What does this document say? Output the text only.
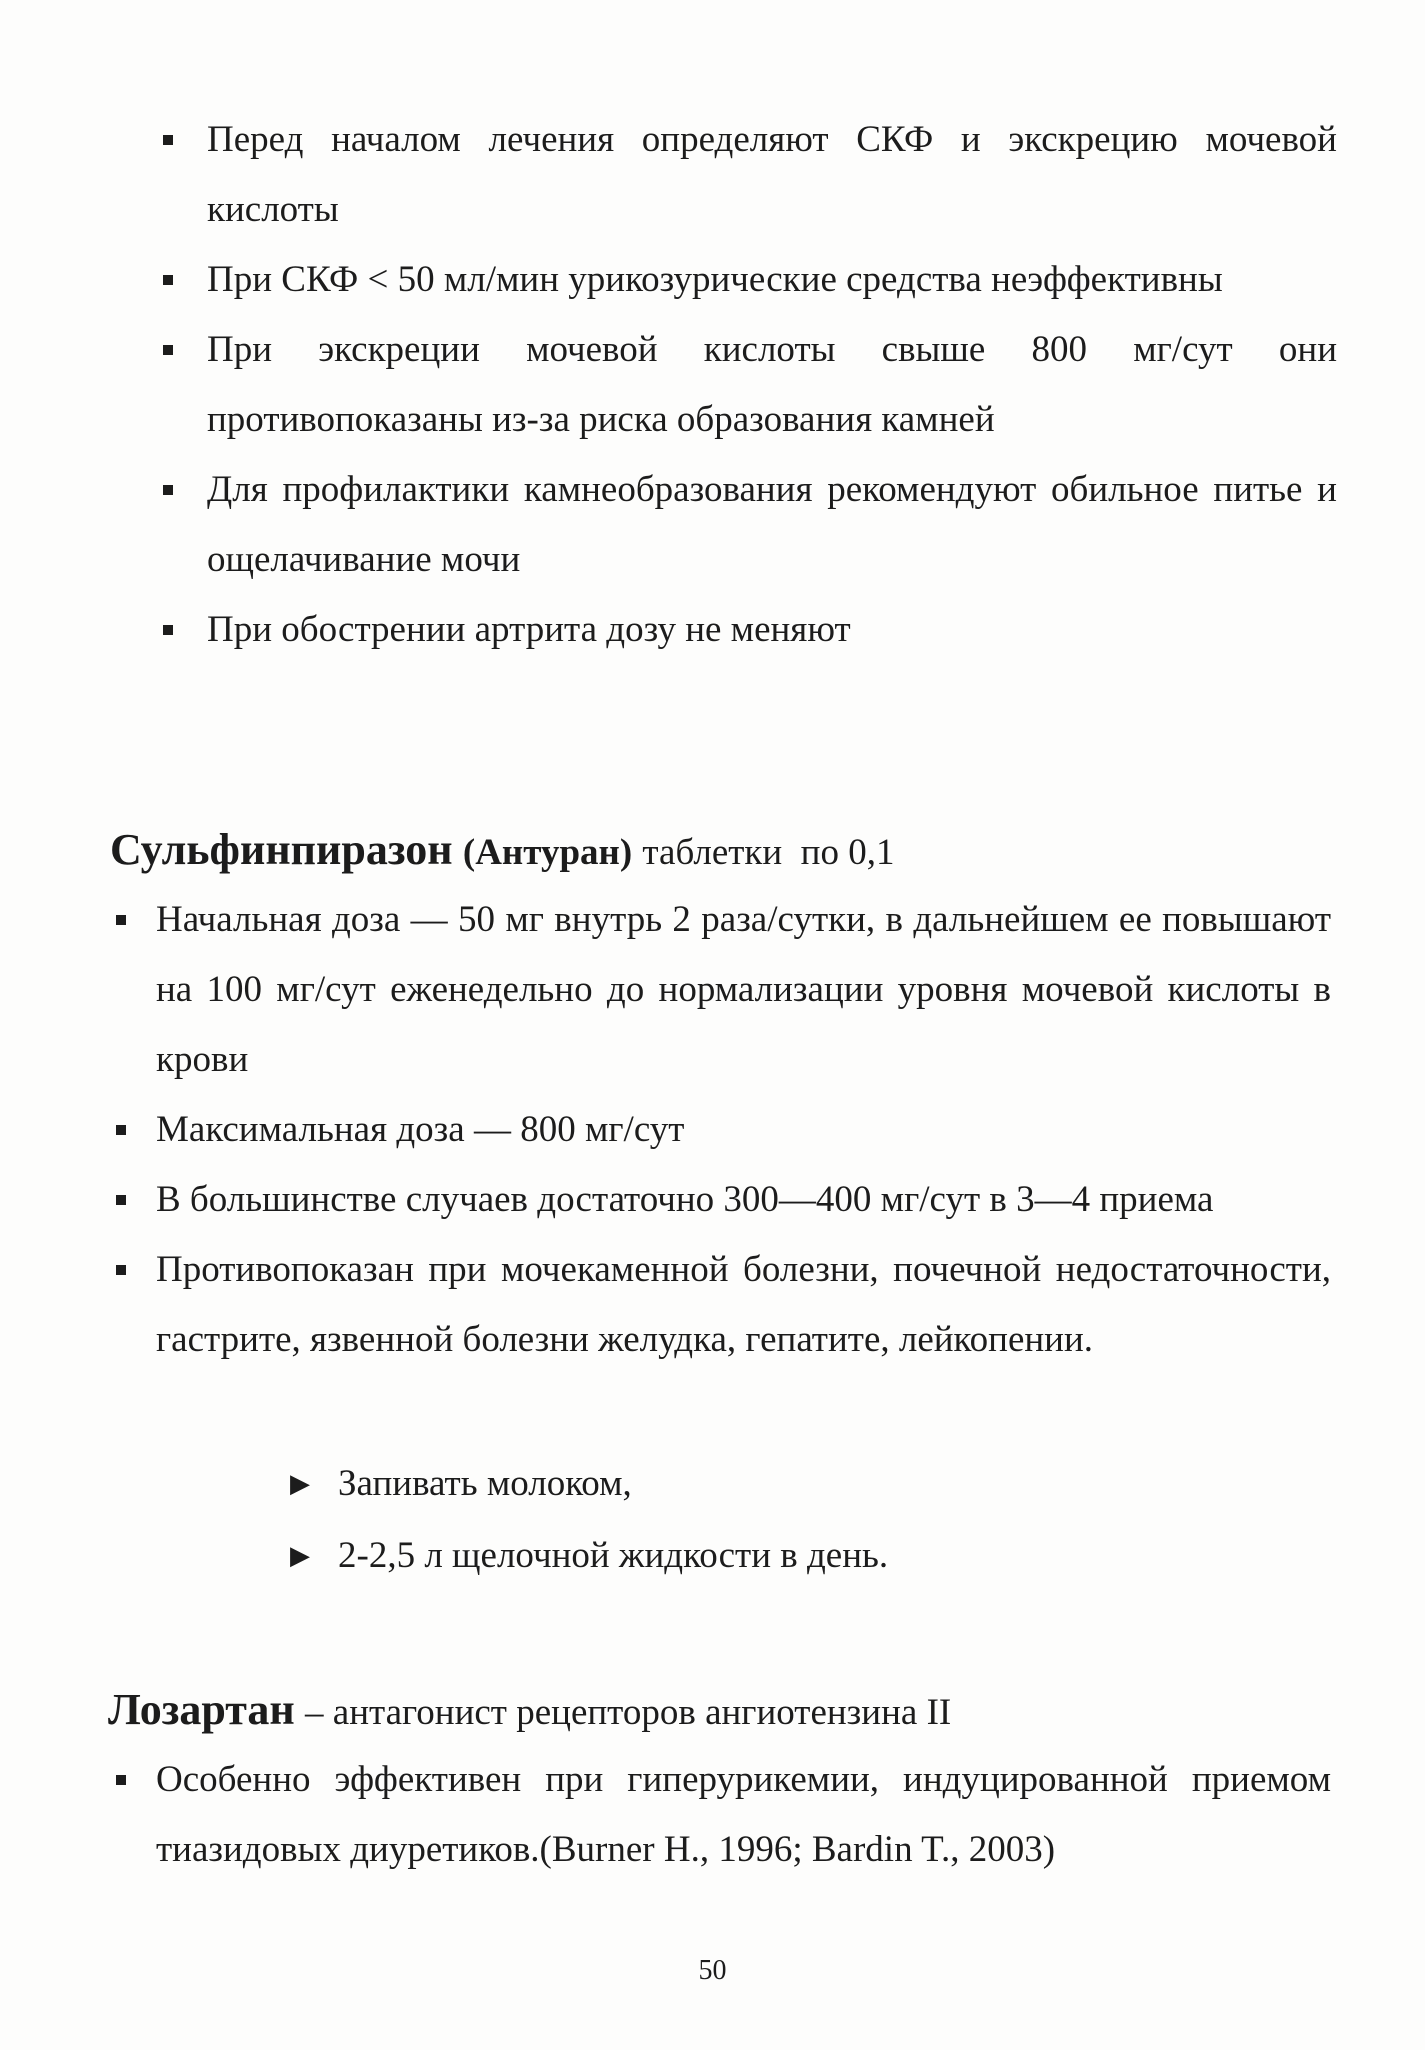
Перед началом лечения определяют СКФ и экскрецию мочевой кислоты
При СКФ < 50 мл/мин урикозурические средства неэффективны
При экскреции мочевой кислоты свыше 800 мг/сут они противопоказаны из-за риска образования камней
Для профилактики камнеобразования рекомендуют обильное питье и ощелачивание мочи
При обострении артрита дозу не меняют
Сульфинпиразон (Антуран) таблетки  по 0,1
Начальная доза — 50 мг внутрь 2 раза/сутки, в дальнейшем ее повышают на 100 мг/сут еженедельно до нормализации уровня мочевой кислоты в крови
Максимальная доза — 800 мг/сут
В большинстве случаев достаточно 300—400 мг/сут в 3—4 приема
Противопоказан при мочекаменной болезни, почечной недостаточности, гастрите, язвенной болезни желудка, гепатите, лейкопении.
▶ Запивать молоком,
▶ 2-2,5 л щелочной жидкости в день.
Лозартан – антагонист рецепторов ангиотензина II
Особенно эффективен при гиперурикемии, индуцированной приемом тиазидовых диуретиков.(Burner H., 1996; Bardin T., 2003)
50
